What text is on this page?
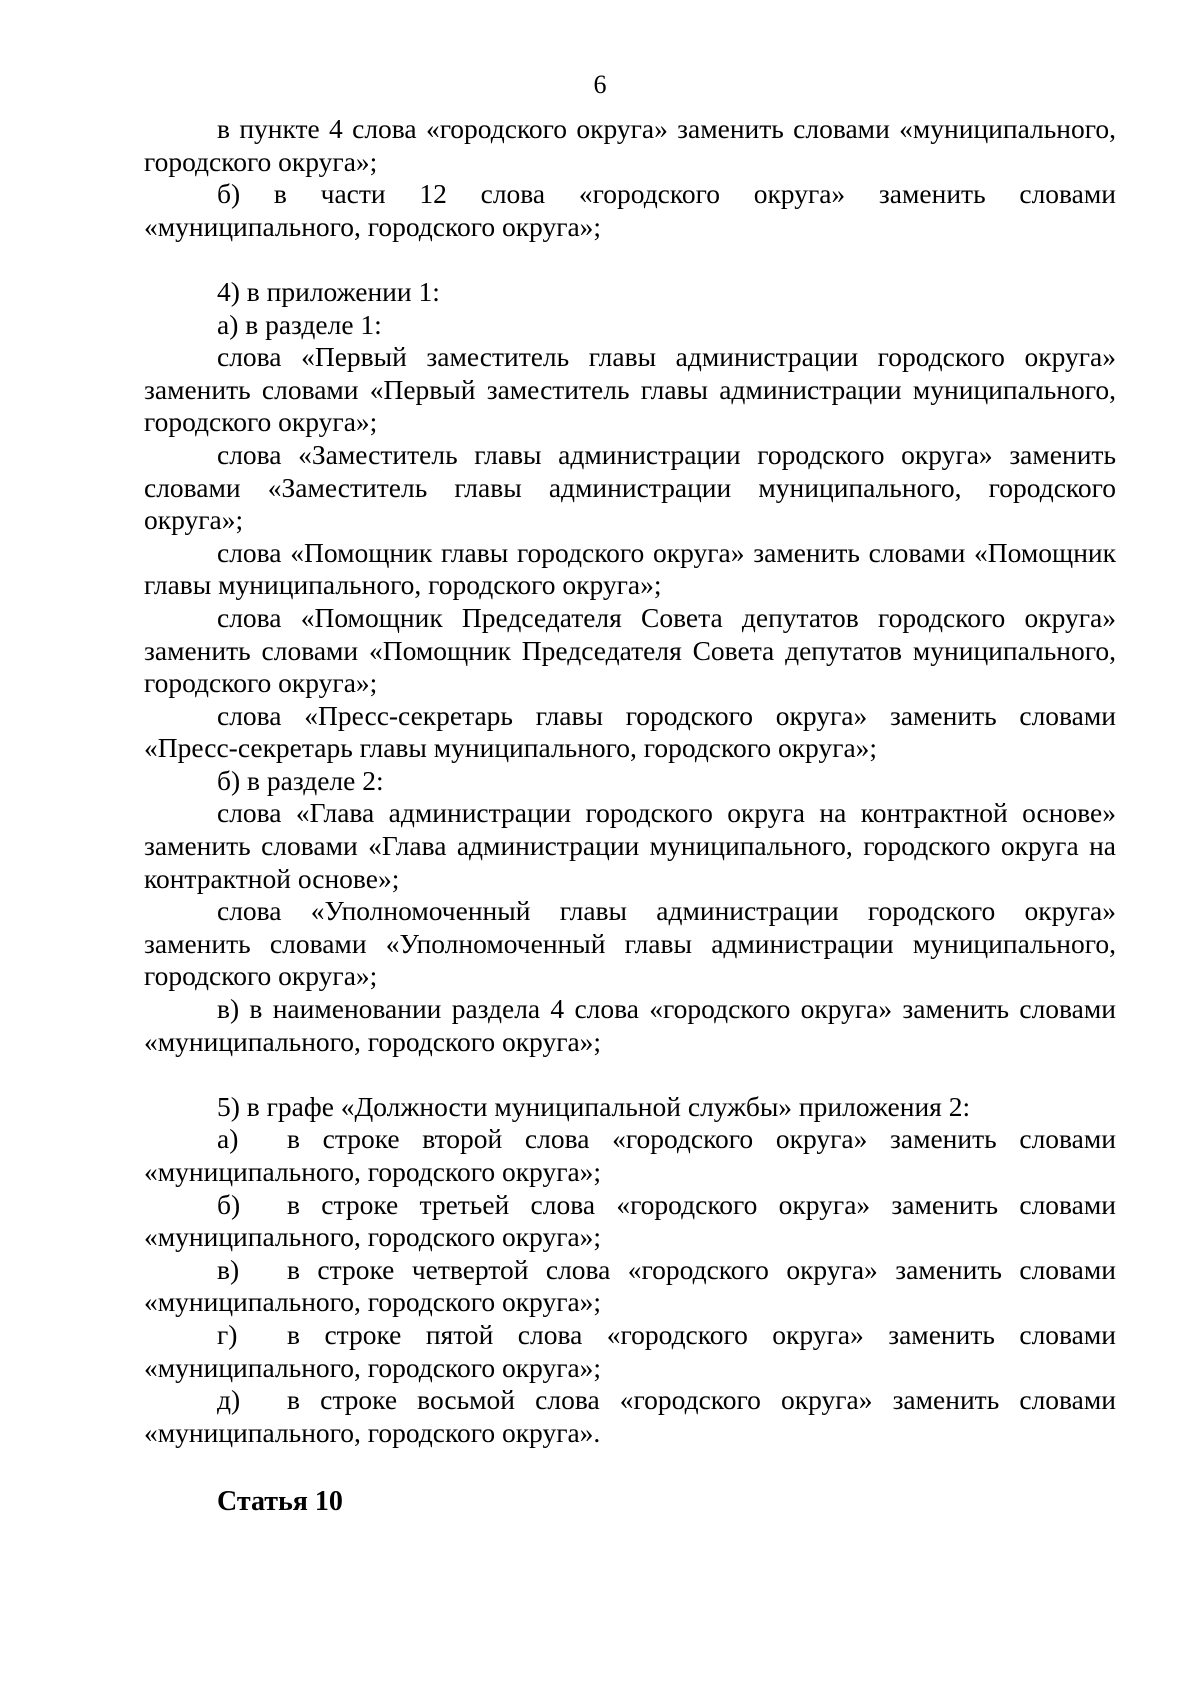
6

в пункте 4 слова «городского округа» заменить словами «муниципального, городского округа»;

б) в части 12 слова «городского округа» заменить словами «муниципального, городского округа»;

4) в приложении 1:

а) в разделе 1:

слова «Первый заместитель главы администрации городского округа» заменить словами «Первый заместитель главы администрации муниципального, городского округа»;

слова «Заместитель главы администрации городского округа» заменить словами «Заместитель главы администрации муниципального, городского округа»;

слова «Помощник главы городского округа» заменить словами «Помощник главы муниципального, городского округа»;

слова «Помощник Председателя Совета депутатов городского округа» заменить словами «Помощник Председателя Совета депутатов муниципального, городского округа»;

слова «Пресс-секретарь главы городского округа» заменить словами «Пресс-секретарь главы муниципального, городского округа»;

б) в разделе 2:

слова «Глава администрации городского округа на контрактной основе» заменить словами «Глава администрации муниципального, городского округа на контрактной основе»;

слова «Уполномоченный главы администрации городского округа» заменить словами «Уполномоченный главы администрации муниципального, городского округа»;

в) в наименовании раздела 4 слова «городского округа» заменить словами «муниципального, городского округа»;

5) в графе «Должности муниципальной службы» приложения 2:

а) в строке второй слова «городского округа» заменить словами «муниципального, городского округа»;

б) в строке третьей слова «городского округа» заменить словами «муниципального, городского округа»;

в) в строке четвертой слова «городского округа» заменить словами «муниципального, городского округа»;

г) в строке пятой слова «городского округа» заменить словами «муниципального, городского округа»;

д) в строке восьмой слова «городского округа» заменить словами «муниципального, городского округа».

Статья 10
